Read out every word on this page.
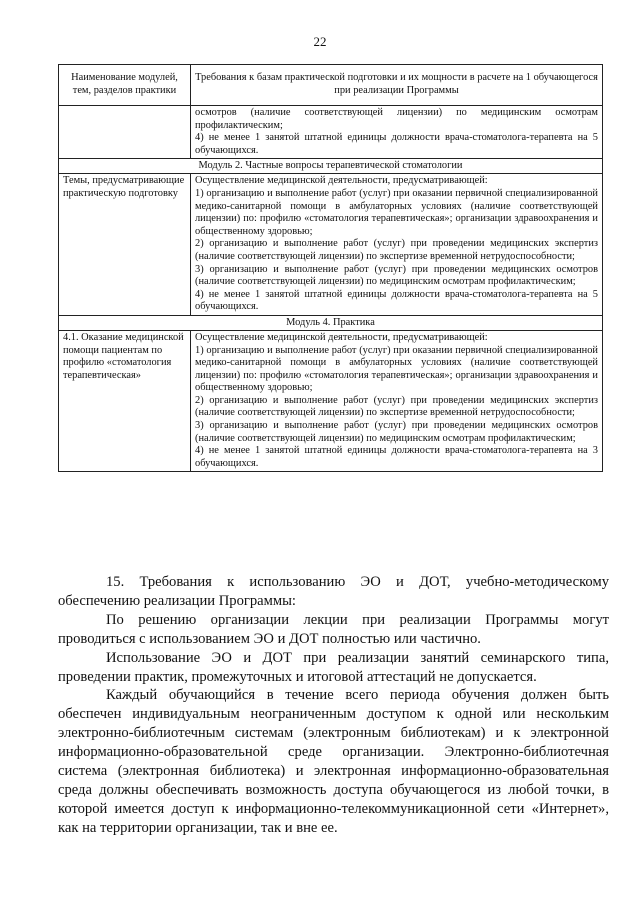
22
Наименование модулей, тем, разделов практики	Требования к базам практической подготовки и их мощности в расчете на 1 обучающегося при реализации Программы

	осмотров (наличие соответствующей лицензии) по медицинским осмотрам профилактическим;
4) не менее 1 занятой штатной единицы должности врача-стоматолога-терапевта на 5 обучающихся.

Модуль 2. Частные вопросы терапевтической стоматологии	
Темы, предусматривающие практическую подготовку	Осуществление медицинской деятельности, предусматривающей:
1) организацию и выполнение работ (услуг) при оказании первичной специализированной медико-санитарной помощи в амбулаторных условиях (наличие соответствующей лицензии) по: профилю «стоматология терапевтическая»; организации здравоохранения и общественному здоровью;
2) организацию и выполнение работ (услуг) при проведении медицинских экспертиз (наличие соответствующей лицензии) по экспертизе временной нетрудоспособности;
3) организацию и выполнение работ (услуг) при проведении медицинских осмотров (наличие соответствующей лицензии) по медицинским осмотрам профилактическим;
4) не менее 1 занятой штатной единицы должности врача-стоматолога-терапевта на 5 обучающихся.

Модуль 4. Практика	
4.1. Оказание медицинской помощи пациентам по профилю «стоматология терапевтическая»	Осуществление медицинской деятельности, предусматривающей:
1) организацию и выполнение работ (услуг) при оказании первичной специализированной медико-санитарной помощи в амбулаторных условиях (наличие соответствующей лицензии) по: профилю «стоматология терапевтическая»; организации здравоохранения и общественному здоровью;
2) организацию и выполнение работ (услуг) при проведении медицинских экспертиз (наличие соответствующей лицензии) по экспертизе временной нетрудоспособности;
3) организацию и выполнение работ (услуг) при проведении медицинских осмотров (наличие соответствующей лицензии) по медицинским осмотрам профилактическим;
4) не менее 1 занятой штатной единицы должности врача-стоматолога-терапевта на 3 обучающихся.

15. Требования к использованию ЭО и ДОТ, учебно-методическому обеспечению реализации Программы:

По решению организации лекции при реализации Программы могут проводиться с использованием ЭО и ДОТ полностью или частично.

Использование ЭО и ДОТ при реализации занятий семинарского типа, проведении практик, промежуточных и итоговой аттестаций не допускается.

Каждый обучающийся в течение всего периода обучения должен быть обеспечен индивидуальным неограниченным доступом к одной или нескольким электронно-библиотечным системам (электронным библиотекам) и к электронной информационно-образовательной среде организации. Электронно-библиотечная система (электронная библиотека) и электронная информационно-образовательная среда должны обеспечивать возможность доступа обучающегося из любой точки, в которой имеется доступ к информационно-телекоммуникационной сети «Интернет», как на территории организации, так и вне ее.
